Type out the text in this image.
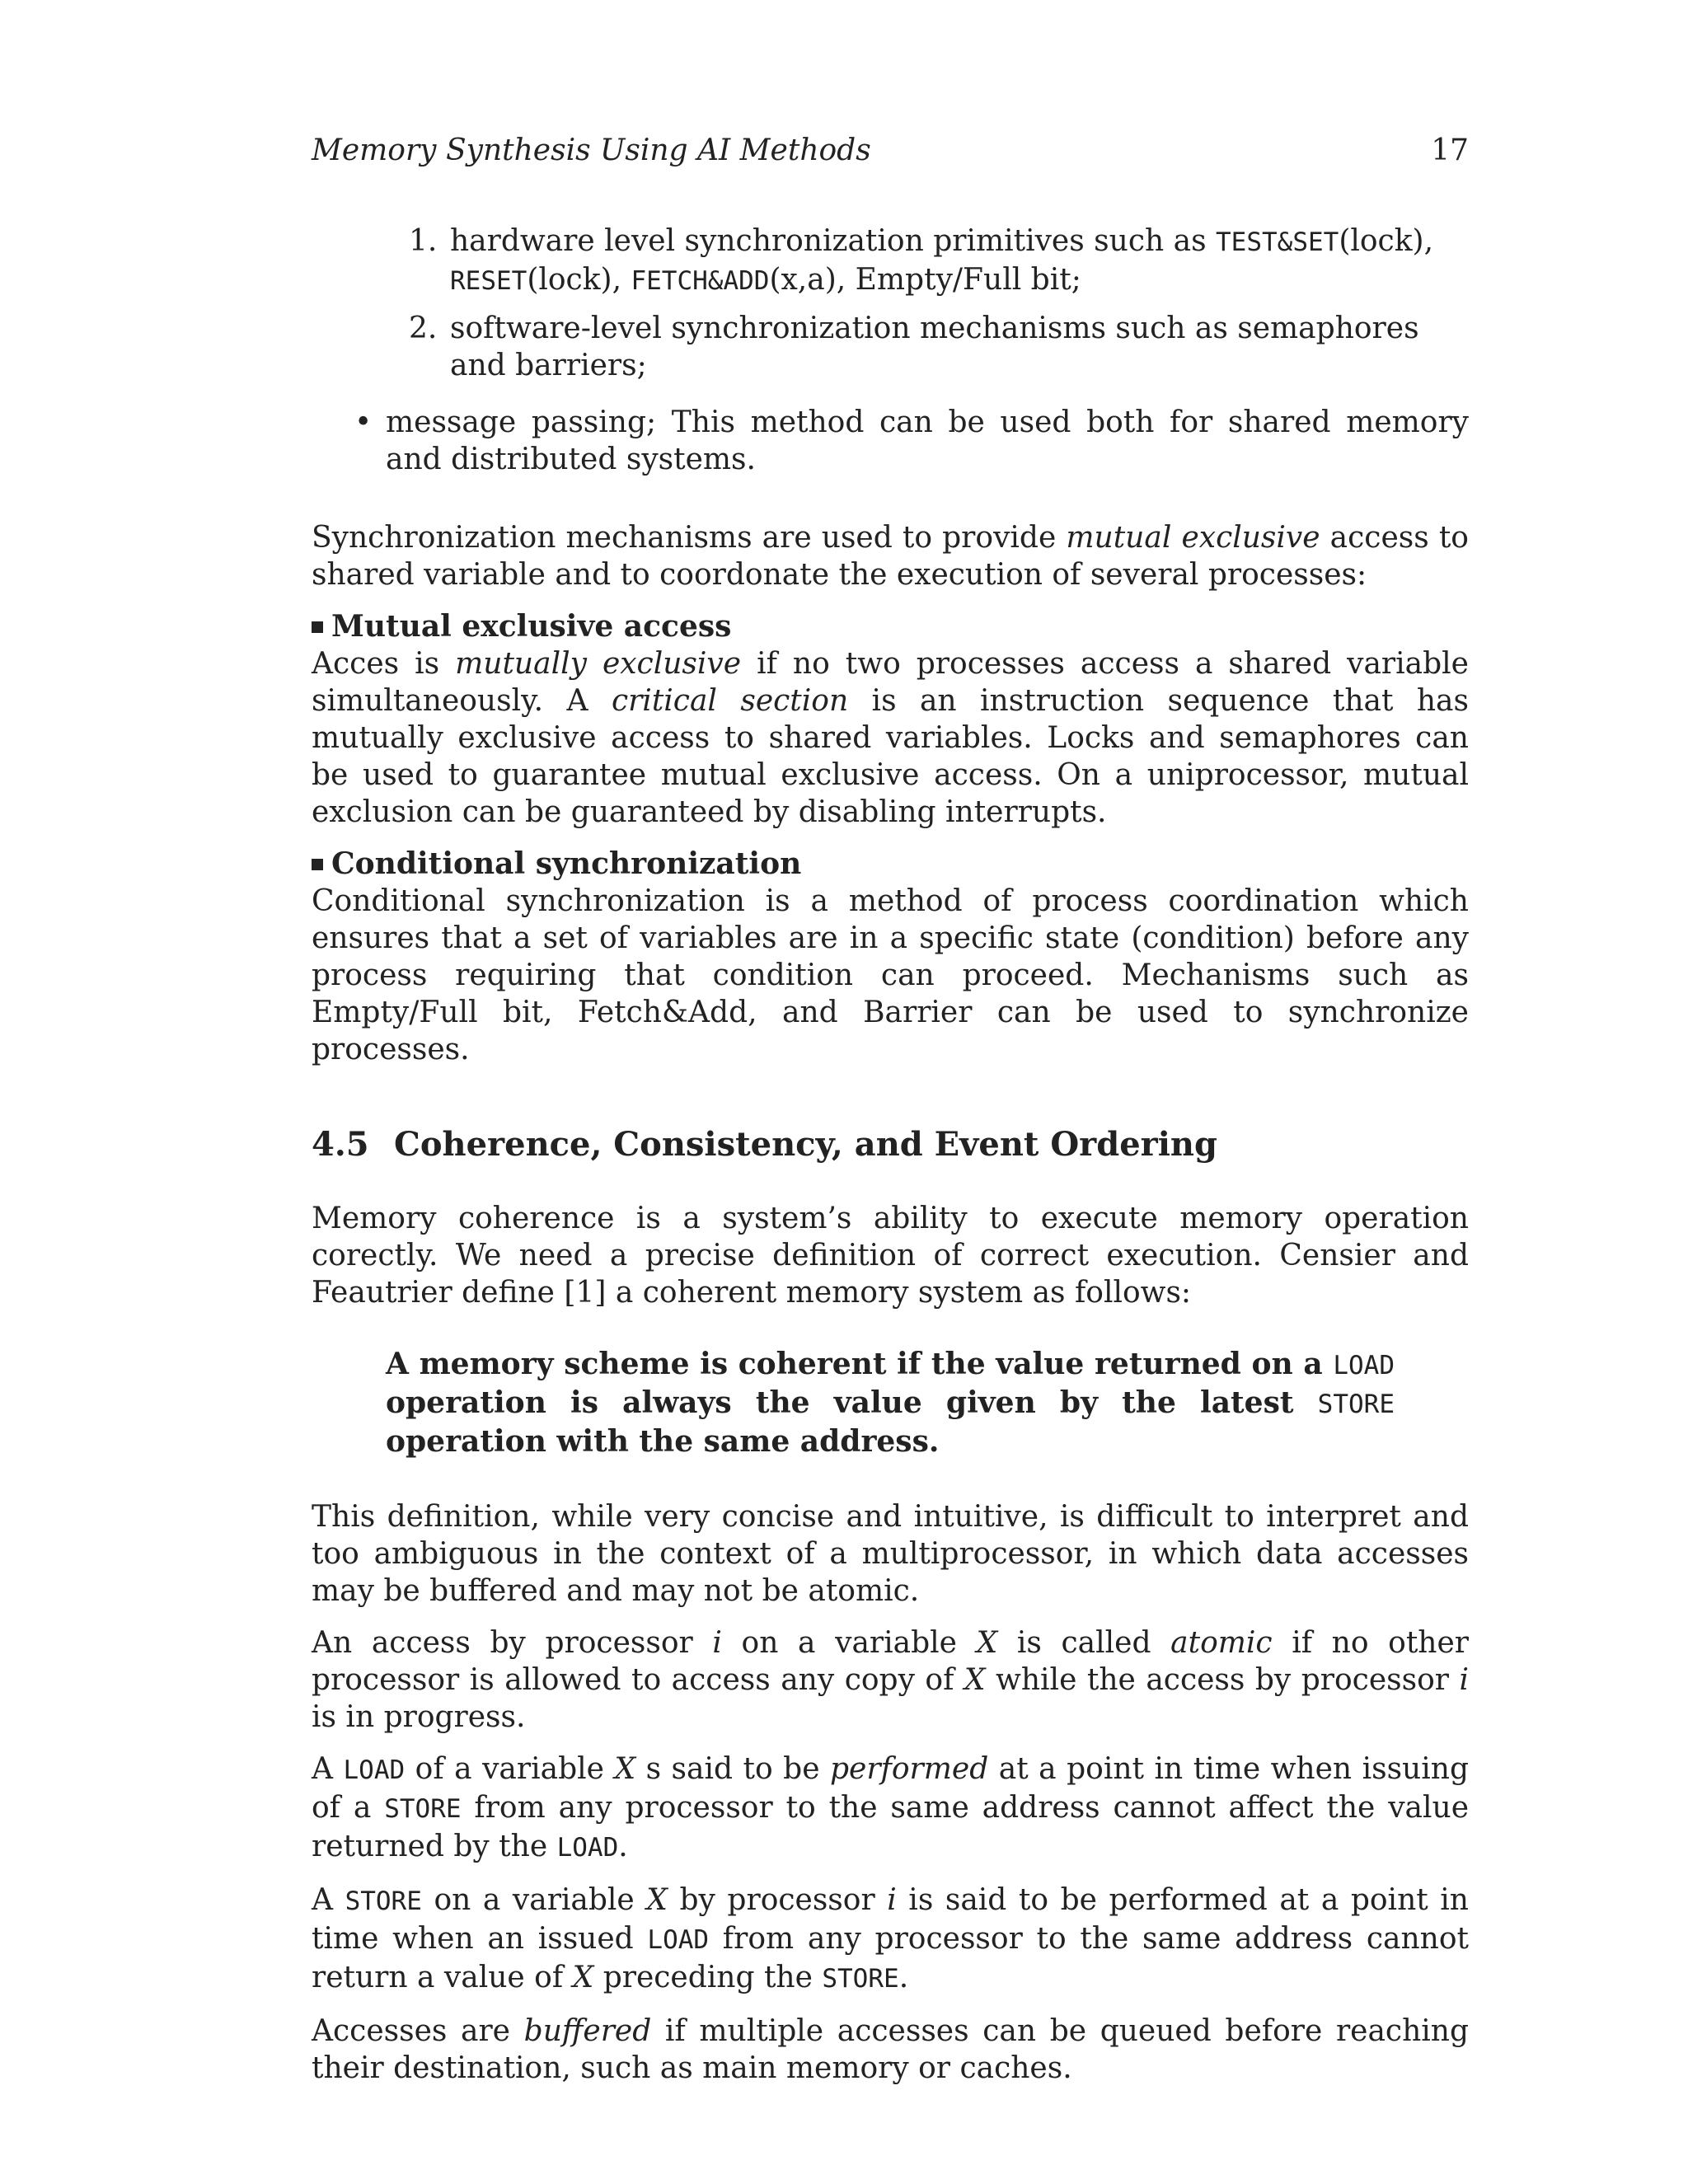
Memory Synthesis Using AI Methods	17
1. hardware level synchronization primitives such as TEST&SET(lock),
RESET(lock), FETCH&ADD(x,a), Empty/Full bit;
2. software-level synchronization mechanisms such as semaphores and barriers;
• message passing; This method can be used both for shared memory and distributed systems.

Synchronization mechanisms are used to provide mutual exclusive access to shared variable and to coordonate the execution of several processes:

Mutual exclusive access

Acces is mutually exclusive if no two processes access a shared variable simultaneously. A critical section is an instruction sequence that has mutually exclusive access to shared variables. Locks and semaphores can be used to guarantee mutual exclusive access. On a uniprocessor, mutual exclusion can be guaranteed by disabling interrupts.

Conditional synchronization

Conditional synchronization is a method of process coordination which ensures that a set of variables are in a specific state (condition) before any process requiring that condition can proceed. Mechanisms such as Empty/Full bit, Fetch&Add, and Barrier can be used to synchronize processes.

4.5 Coherence, Consistency, and Event Ordering

Memory coherence is a system’s ability to execute memory operation corectly. We need a precise definition of correct execution. Censier and Feautrier define [1] a coherent memory system as follows:

A memory scheme is coherent if the value returned on a LOAD operation is always the value given by the latest STORE operation with the same address.

This definition, while very concise and intuitive, is difficult to interpret and too ambiguous in the context of a multiprocessor, in which data accesses may be buffered and may not be atomic.

An access by processor i on a variable X is called atomic if no other processor is allowed to access any copy of X while the access by processor i is in progress.

A LOAD of a variable X s said to be performed at a point in time when issuing of a STORE from any processor to the same address cannot affect the value returned by the LOAD.

A STORE on a variable X by processor i is said to be performed at a point in time when an issued LOAD from any processor to the same address cannot return a value of X preceding the STORE.

Accesses are buffered if multiple accesses can be queued before reaching their destination, such as main memory or caches.
